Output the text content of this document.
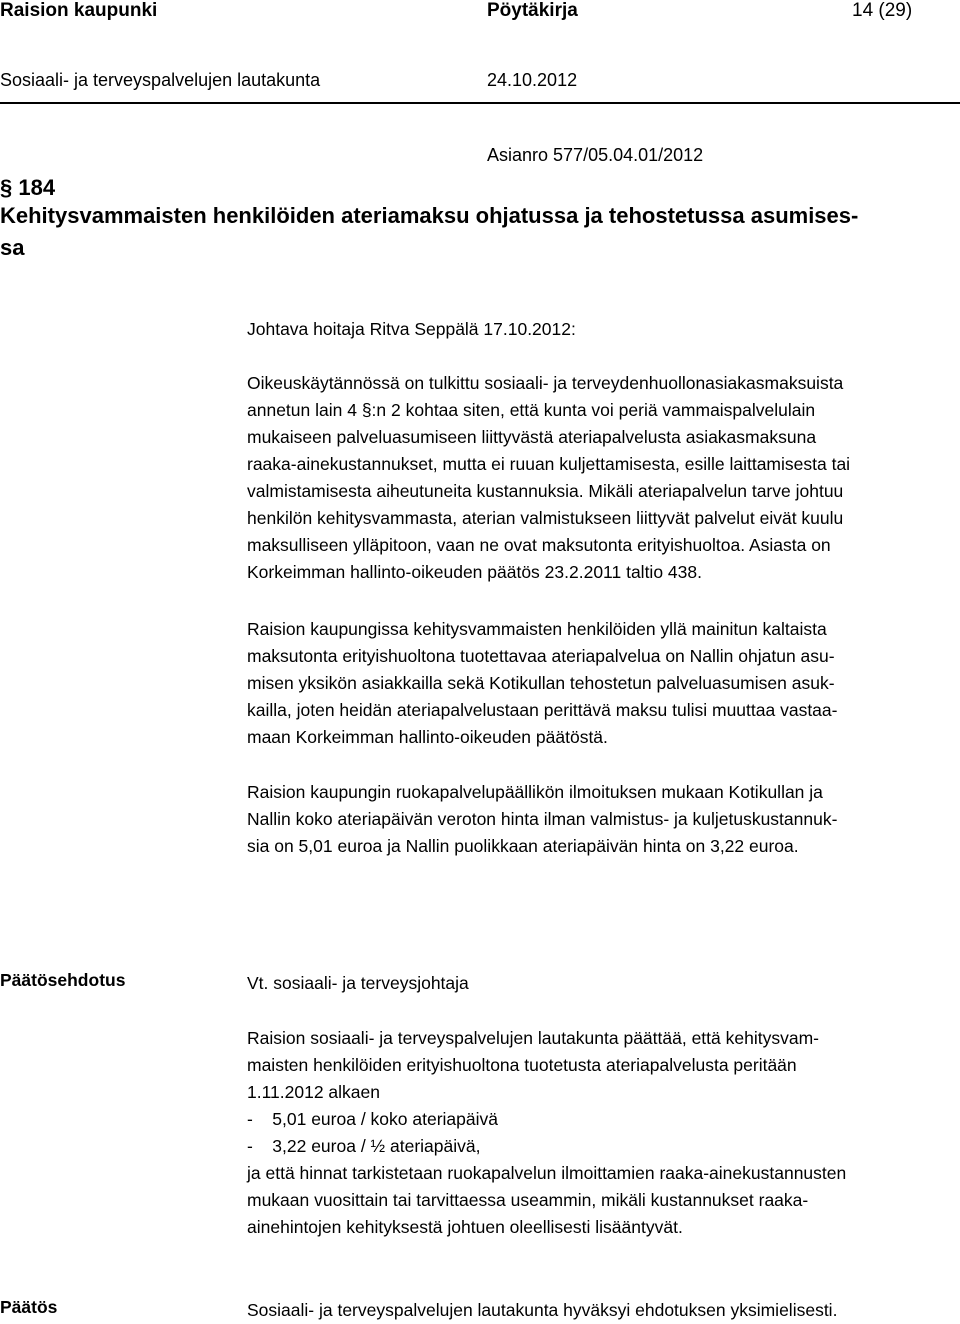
Raision kaupunki	Pöytäkirja	14 (29)
Sosiaali- ja terveyspalvelujen lautakunta	24.10.2012
Asianro 577/05.04.01/2012
§ 184
Kehitysvammaisten henkilöiden ateriamaksu ohjatussa ja tehostetussa asumises-
sa
Johtava hoitaja Ritva Seppälä 17.10.2012:
Oikeuskäytännössä on tulkittu sosiaali- ja terveydenhuollonasiakasmaksuista
annetun lain 4 §:n 2 kohtaa siten, että kunta voi periä vammaispalvelulain
mukaiseen palveluasumiseen liittyvästä ateriapalvelusta asiakasmaksuna
raaka-ainekustannukset, mutta ei ruuan kuljettamisesta, esille laittamisesta tai
valmistamisesta aiheutuneita kustannuksia. Mikäli ateriapalvelun tarve johtuu
henkilön kehitysvammasta, aterian valmistukseen liittyvät palvelut eivät kuulu
maksulliseen ylläpitoon, vaan ne ovat maksutonta erityishuoltoa. Asiasta on
Korkeimman hallinto-oikeuden päätös 23.2.2011 taltio 438.
Raision kaupungissa kehitysvammaisten henkilöiden yllä mainitun kaltaista
maksutonta erityishuoltona tuotettavaa ateriapalvelua on Nallin ohjatun asu-
misen yksikön asiakkailla sekä Kotikullan tehostetun palveluasumisen asuk-
kailla, joten heidän ateriapalvelustaan perittävä maksu tulisi muuttaa vastaa-
maan Korkeimman hallinto-oikeuden päätöstä.
Raision kaupungin ruokapalvelupäällikön ilmoituksen mukaan Kotikullan ja
Nallin koko ateriapäivän veroton hinta ilman valmistus- ja kuljetuskustannuk-
sia on 5,01 euroa ja Nallin puolikkaan ateriapäivän hinta on 3,22 euroa.
Päätösehdotus	Vt. sosiaali- ja terveysjohtaja
Raision sosiaali- ja terveyspalvelujen lautakunta päättää, että kehitysvam-
maisten henkilöiden erityishuoltona tuotetusta ateriapalvelusta peritään
1.11.2012 alkaen
-    5,01 euroa / koko ateriapäivä
-    3,22 euroa / ½ ateriapäivä,
ja että hinnat tarkistetaan ruokapalvelun ilmoittamien raaka-ainekustannusten
mukaan vuosittain tai tarvittaessa useammin, mikäli kustannukset raaka-
ainehintojen kehityksestä johtuen oleellisesti lisääntyvät.
Päätös	Sosiaali- ja terveyspalvelujen lautakunta hyväksyi ehdotuksen yksimielisesti.
